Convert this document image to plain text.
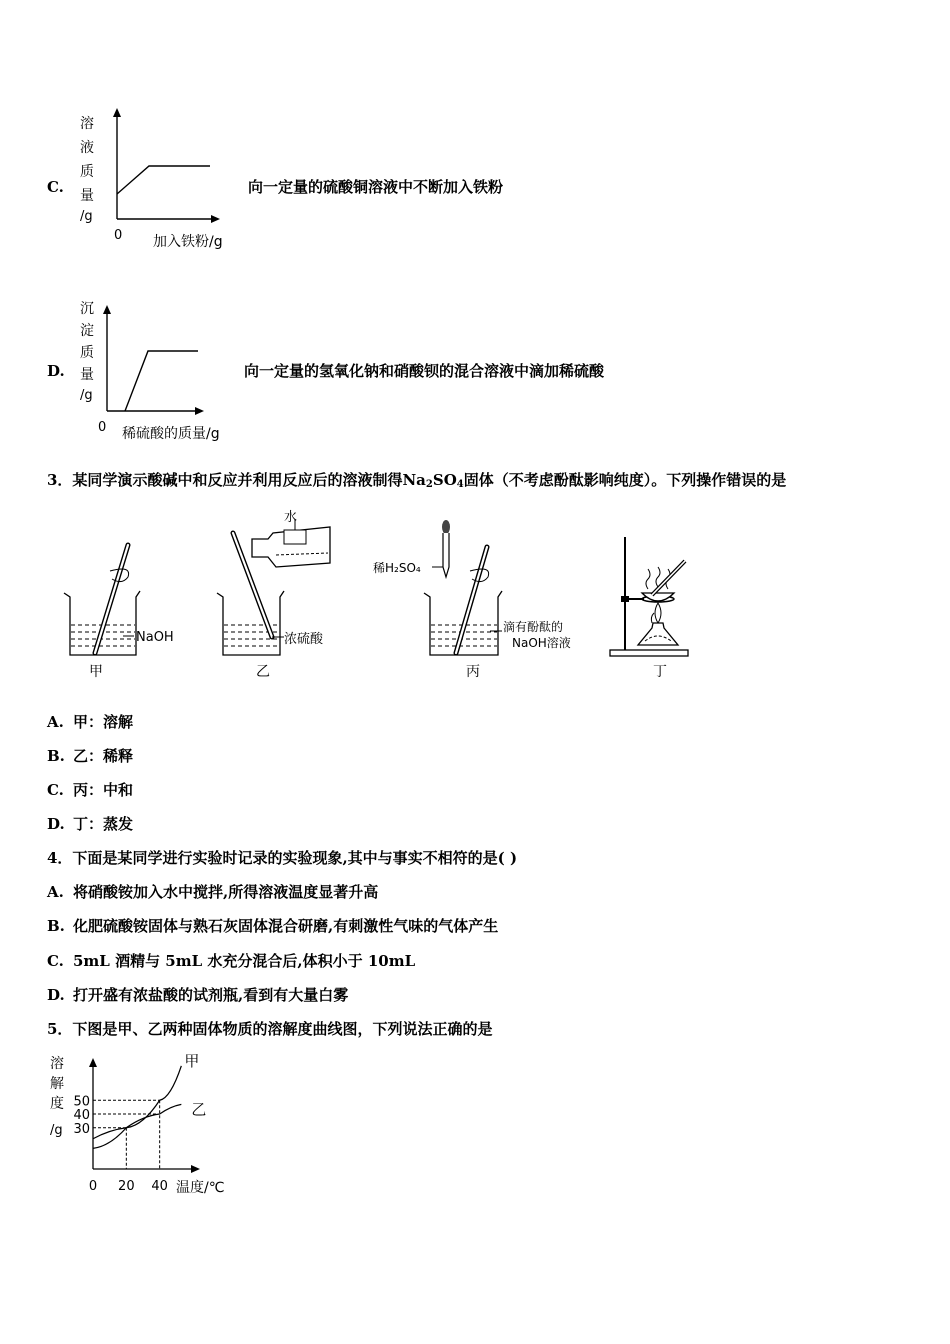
C.
溶
液
质
量
/g
0 加入铁粉/g
向一定量的硫酸铜溶液中不断加入铁粉
D.
沉
淀
质
量
/g
0 稀硫酸的质量/g
向一定量的氢氧化钠和硝酸钡的混合溶液中滴加稀硫酸
3．某同学演示酸碱中和反应并利用反应后的溶液制得$Na_2SO_4$固体（不考虑酚酞影响纯度）。下列操作错误的是
NaOH
甲
水
浓硫酸
乙
稀H₂SO₄
滴有酚酞的
NaOH溶液
丙	丁
A. 甲：溶解
B. 乙：稀释
C. 丙：中和
D. 丁：蒸发
4．下面是某同学进行实验时记录的实验现象,其中与事实不相符的是( )
A. 将硝酸铵加入水中搅拌,所得溶液温度显著升高
B. 化肥硫酸铵固体与熟石灰固体混合研磨,有刺激性气味的气体产生
C. 5mL 酒精与 5mL 水充分混合后,体积小于 10mL
D. 打开盛有浓盐酸的试剂瓶,看到有大量白雾
5．下图是甲、乙两种固体物质的溶解度曲线图，下列说法正确的是
溶
解
度
/g
甲
乙
30
40
50
0 20 40 温度/℃
